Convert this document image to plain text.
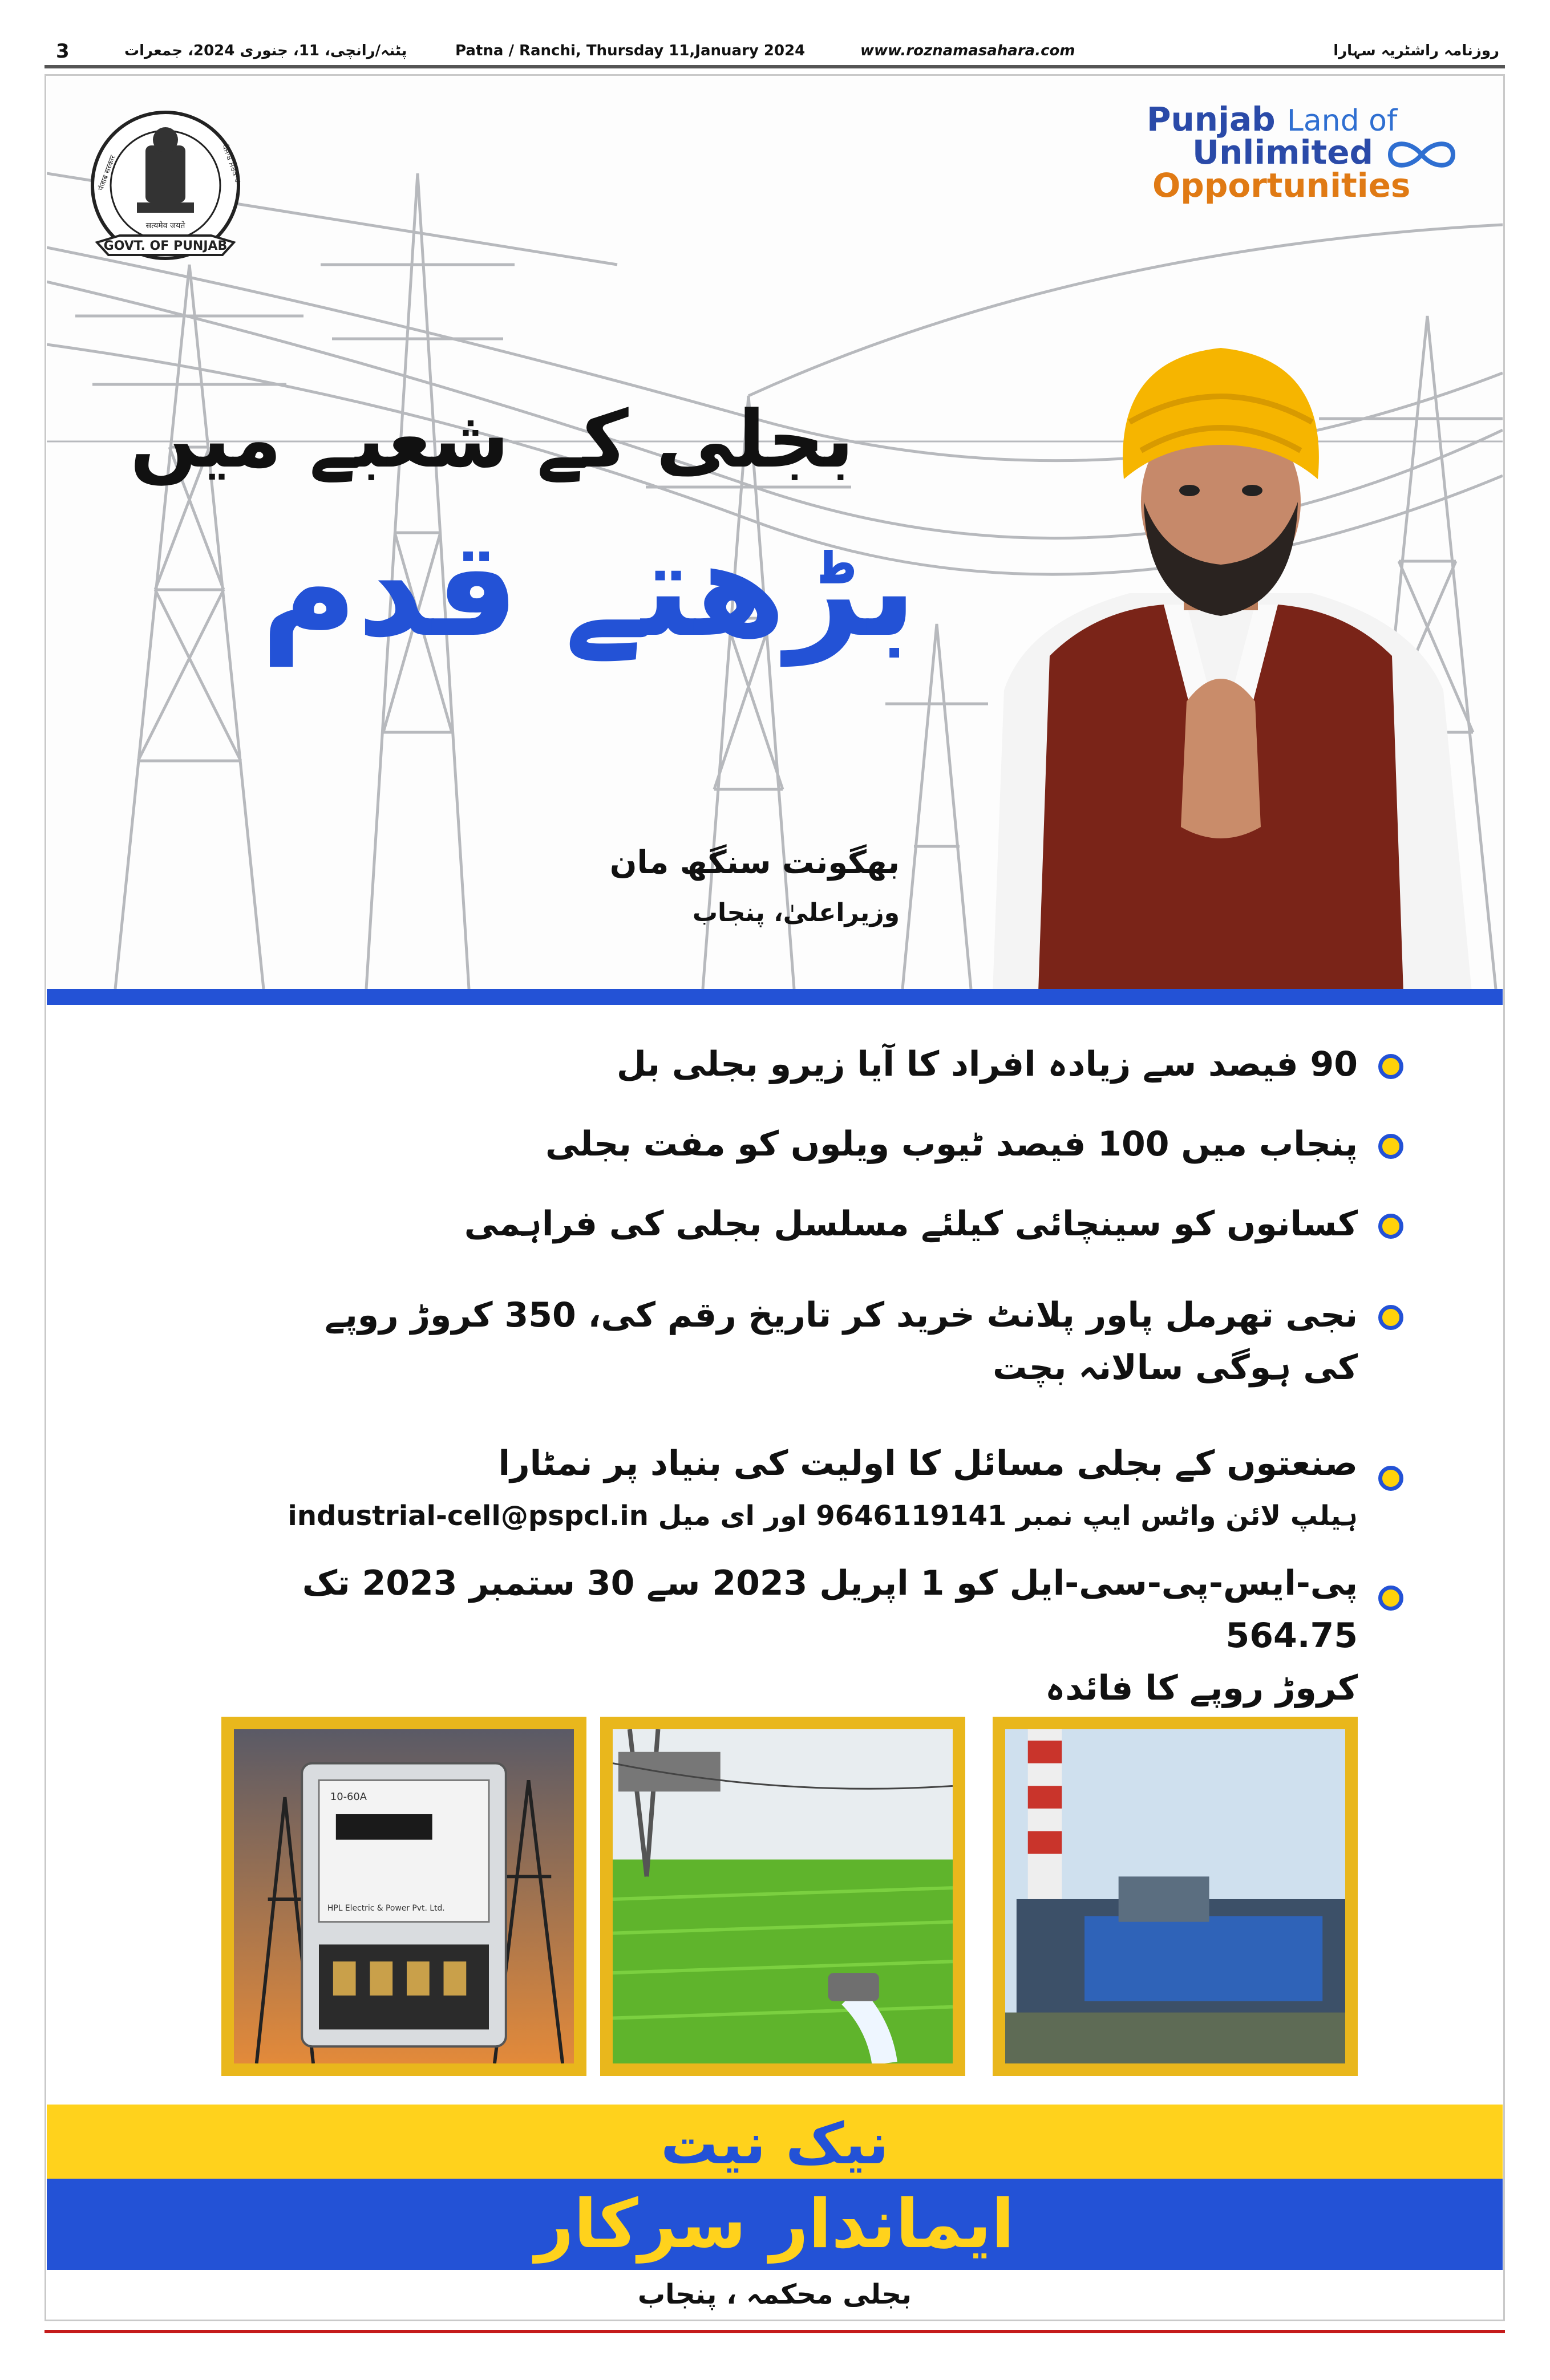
3	پٹنہ/رانچی، 11، جنوری 2024، جمعرات	Patna / Ranchi, Thursday 11,January 2024	www.roznamasahara.com	روزنامہ راشٹریہ سہارا
सत्यमेव जयते
पंजाब सरकार	ਪੰਜਾਬ ਸਰਕਾਰ
GOVT. OF PUNJAB
Punjab Land of
Unlimited
Opportunities
بجلی کے شعبے میں
بڑھتے قدم
بھگونت سنگھ مان
وزیراعلیٰ، پنجاب
90 فیصد سے زیادہ افراد کا آیا زیرو بجلی بل
پنجاب میں 100 فیصد ٹیوب ویلوں کو مفت بجلی
کسانوں کو سینچائی کیلئے مسلسل بجلی کی فراہمی
نجی تھرمل پاور پلانٹ خرید کر تاریخ رقم کی، 350 کروڑ روپے
کی ہوگی سالانہ بچت
صنعتوں کے بجلی مسائل کا اولیت کی بنیاد پر نمٹارا
ہیلپ لائن واٹس ایپ نمبر 9646119141 اور ای میل industrial-cell@pspcl.in
پی-ایس-پی-سی-ایل کو 1 اپریل 2023 سے 30 ستمبر 2023 تک 564.75
کروڑ روپے کا فائدہ
10-60A
HPL Electric & Power Pvt. Ltd.
نیک نیت
ایماندار سرکار
بجلی محکمہ ، پنجاب
